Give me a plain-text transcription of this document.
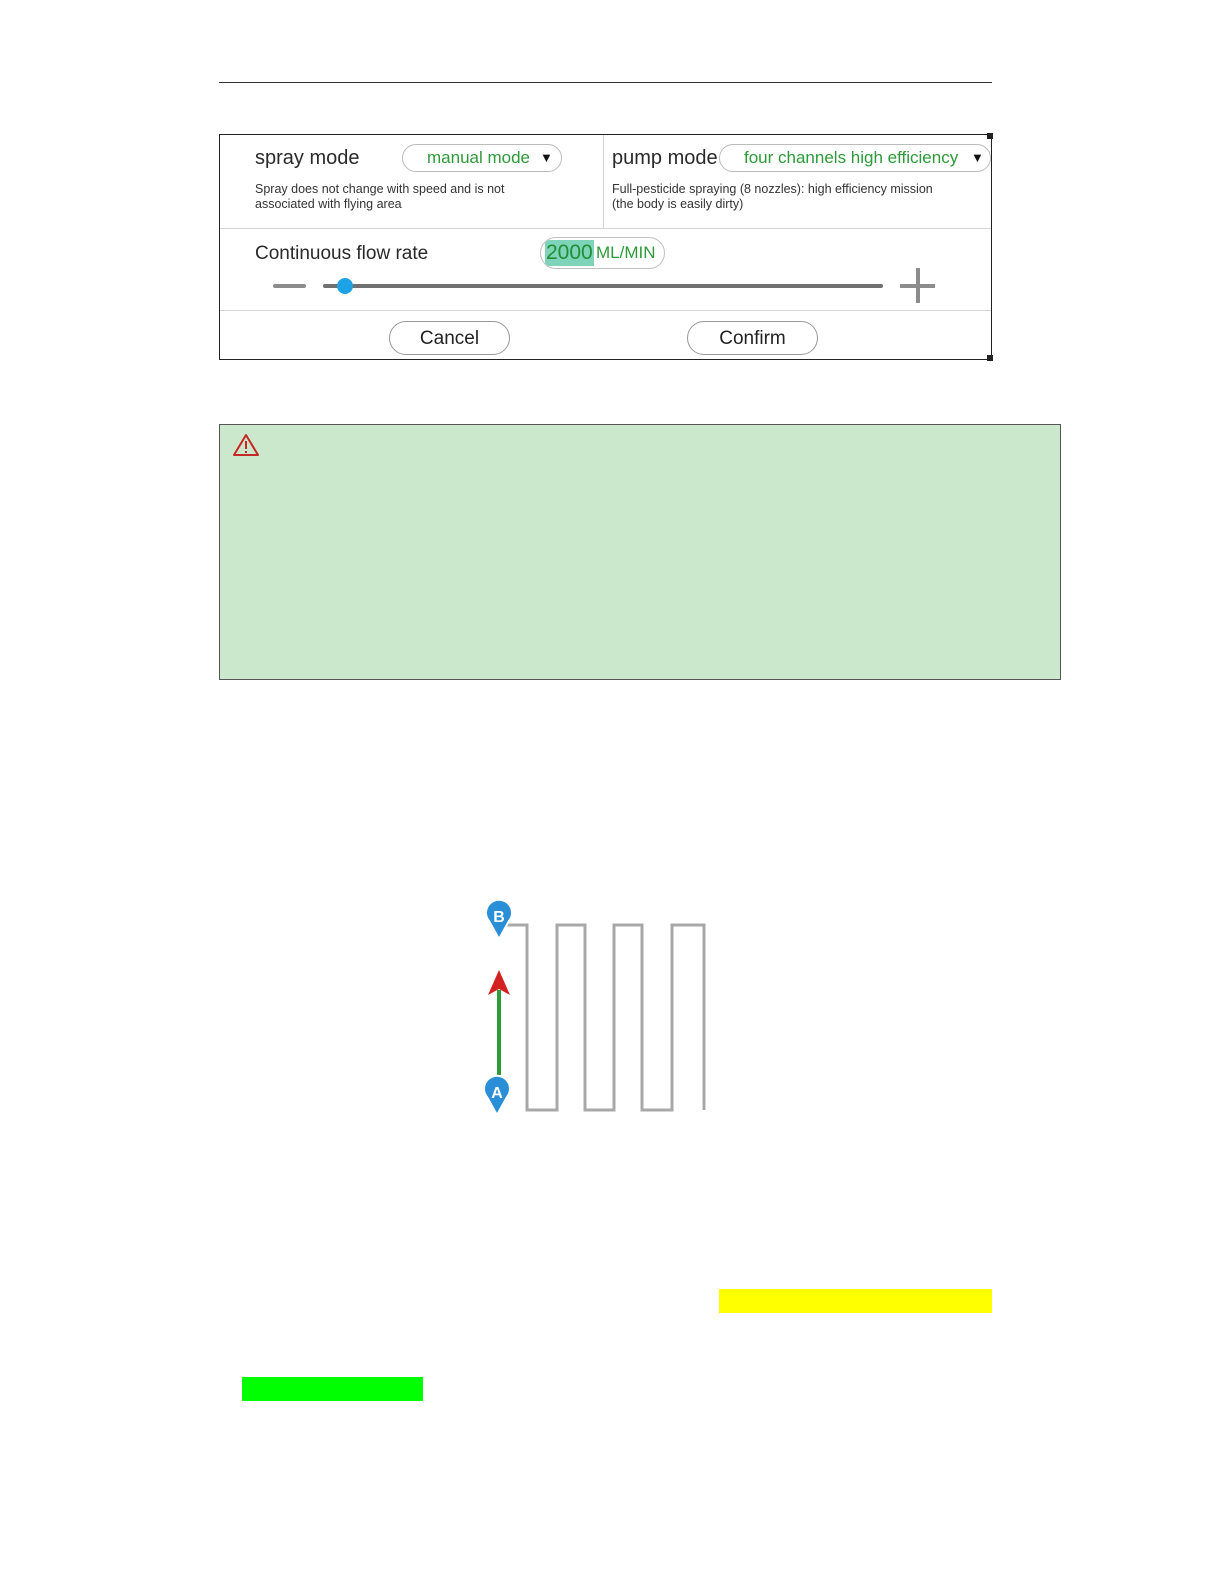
spray mode	manual mode ▼
Spray does not change with speed and is not
associated with flying area
pump mode four channels high efficiency ▼
Full-pesticide spraying (8 nozzles): high efficiency mission
(the body is easily dirty)
Continuous flow rate	2000 ML/MIN
Cancel	Confirm
B
A
